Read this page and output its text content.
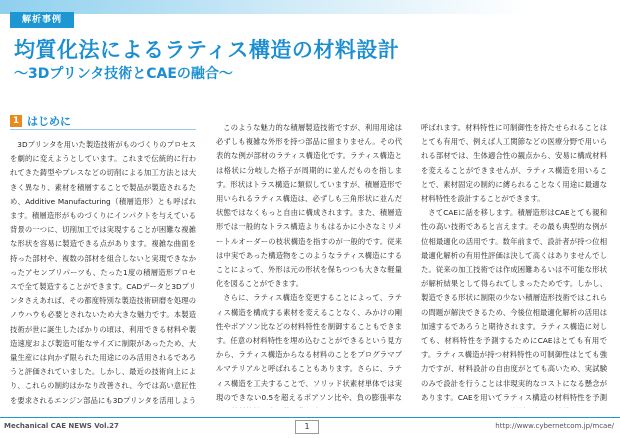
解析事例
均質化法によるラティス構造の材料設計
～3Dプリンタ技術とCAEの融合～
1 はじめに

3Dプリンタを用いた製造技術がものづくりのプロセスを劇的に変えようとしています。これまで伝統的に行われてきた鋳型やプレスなどの切削による加工方法とは大きく異なり、素材を積層することで製品が製造されるため、Additive Manufacturing（積層造形）とも呼ばれます。積層造形がものづくりにインパクトを与えている背景の一つに、切削加工では実現することが困難な複雑な形状を容易に製造できる点があります。複雑な曲面を持った部材や、複数の部材を組合しないと実現できなかったアセンブリパーツも、たった1度の積層造形プロセスで全て製造することができます。CADデータと3Dプリンタさえあれば、その都度特別な製造技術研磨を処理のノウハウも必要とされないため大きな魅力です。本製造技術が世に誕生したばかりの頃は、利用できる材料や製造速度および製造可能なサイズに制限があったため、大量生産には向かず限られた用途にのみ活用されるであろうと評価されていました。しかし、最近の技術向上により、これらの制約はかなり改善され、今では高い意匠性を要求されるエンジン部品にも3Dプリンタを活用しよう

このような魅力的な積層製造技術ですが、利用用途は必ずしも複雑な外形を持つ部品に留まりません。その代表的な例が部材のラティス構造化です。ラティス構造とは格状に分岐した格子が周期的に並んだものを指します。形状はトラス構造に類似していますが、積層造形で用いられるラティス構造は、必ずしも三角形状に並んだ状態ではなくもっと自由に構成されます。また、積層造形では一般的なトラス構造よりもはるかに小さなミリメートルオーダーの枝状構造を指すのが一般的です。従来は中実であった構造物をこのようなラティス構造にすることによって、外形は元の形状を保ちつつも大きな軽量化を図ることができます。

さらに、ラティス構造を変更することによって、ラティス構造を構成する素材を変えることなく、みかけの剛性やポアソン比などの材料特性を制御することもできます。任意の材料特性を埋め込むことができるという見方から、ラティス構造からなる材料のことをプログラマブルマテリアルと呼ばれることもあります。さらに、ラティス構造を工夫することで、ソリッド状素材単体では実現のできない0.5を超えるポアソン比や、負の膨張率な

呼ばれます。材料特性に可制御性を持たせられることはとても有用で、例えば人工関節などの医療分野で用いられる部材では、生体適合性の観点から、安易に構成材料を変えることができませんが、ラティス構造を用いることで、素材固定の制約に縛られることなく用途に最適な材料特性を設計することができます。

さてCAEに話を移します。積層造形はCAEとても親和性の高い技術であると言えます。その最も典型的な例が位相最適化の活用です。数年前まで、設計者が持つ位相最適化解析の有用性評価は決して高くはありませんでした。従来の加工技術では作成困難あるいは不可能な形状が解析結果として得られてしまったためです。しかし、製造できる形状に制限の少ない積層造形技術ではこれらの問題が解決できるため、今後位相最適化解析の活用は加速するであろうと期待されます。ラティス構造に対しても、材料特性を予測するためにCAEはとても有用です。ラティス構造が持つ材料特性の可制御性はとても強力ですが、材料設計の自由度がとても高いため、実試験のみで設計を行うことは非現実的なコストになる懸念があります。CAEを用いてラティス構造の材料特性を予測

Mechanical CAE NEWS Vol.27	1	http://www.cybernetcom.jp/mcae/
